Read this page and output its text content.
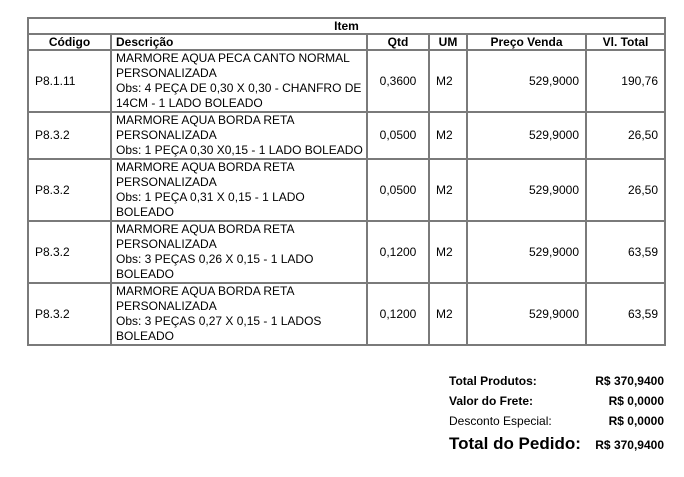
Item					
Código	Descrição	Qtd	UM	Preço Venda	Vl. Total
P8.1.11	MARMORE AQUA PECA CANTO NORMAL
PERSONALIZADA
Obs: 4 PEÇA DE 0,30 X 0,30 - CHANFRO DE 14CM - 1 LADO BOLEADO	0,3600	M2	529,9000	190,76
P8.3.2	MARMORE AQUA BORDA RETA
PERSONALIZADA
Obs: 1 PEÇA 0,30 X0,15 - 1 LADO BOLEADO	0,0500	M2	529,9000	26,50
P8.3.2	MARMORE AQUA BORDA RETA
PERSONALIZADA
Obs: 1 PEÇA 0,31 X 0,15 - 1 LADO BOLEADO	0,0500	M2	529,9000	26,50
P8.3.2	MARMORE AQUA BORDA RETA
PERSONALIZADA
Obs: 3 PEÇAS 0,26 X 0,15 - 1 LADO BOLEADO	0,1200	M2	529,9000	63,59
P8.3.2	MARMORE AQUA BORDA RETA
PERSONALIZADA
Obs: 3 PEÇAS 0,27 X 0,15 - 1 LADOS BOLEADO	0,1200	M2	529,9000	63,59
Total Produtos:	R$ 370,9400
Valor do Frete:	R$ 0,0000
Desconto Especial:	R$ 0,0000
Total do Pedido: R$ 370,9400
